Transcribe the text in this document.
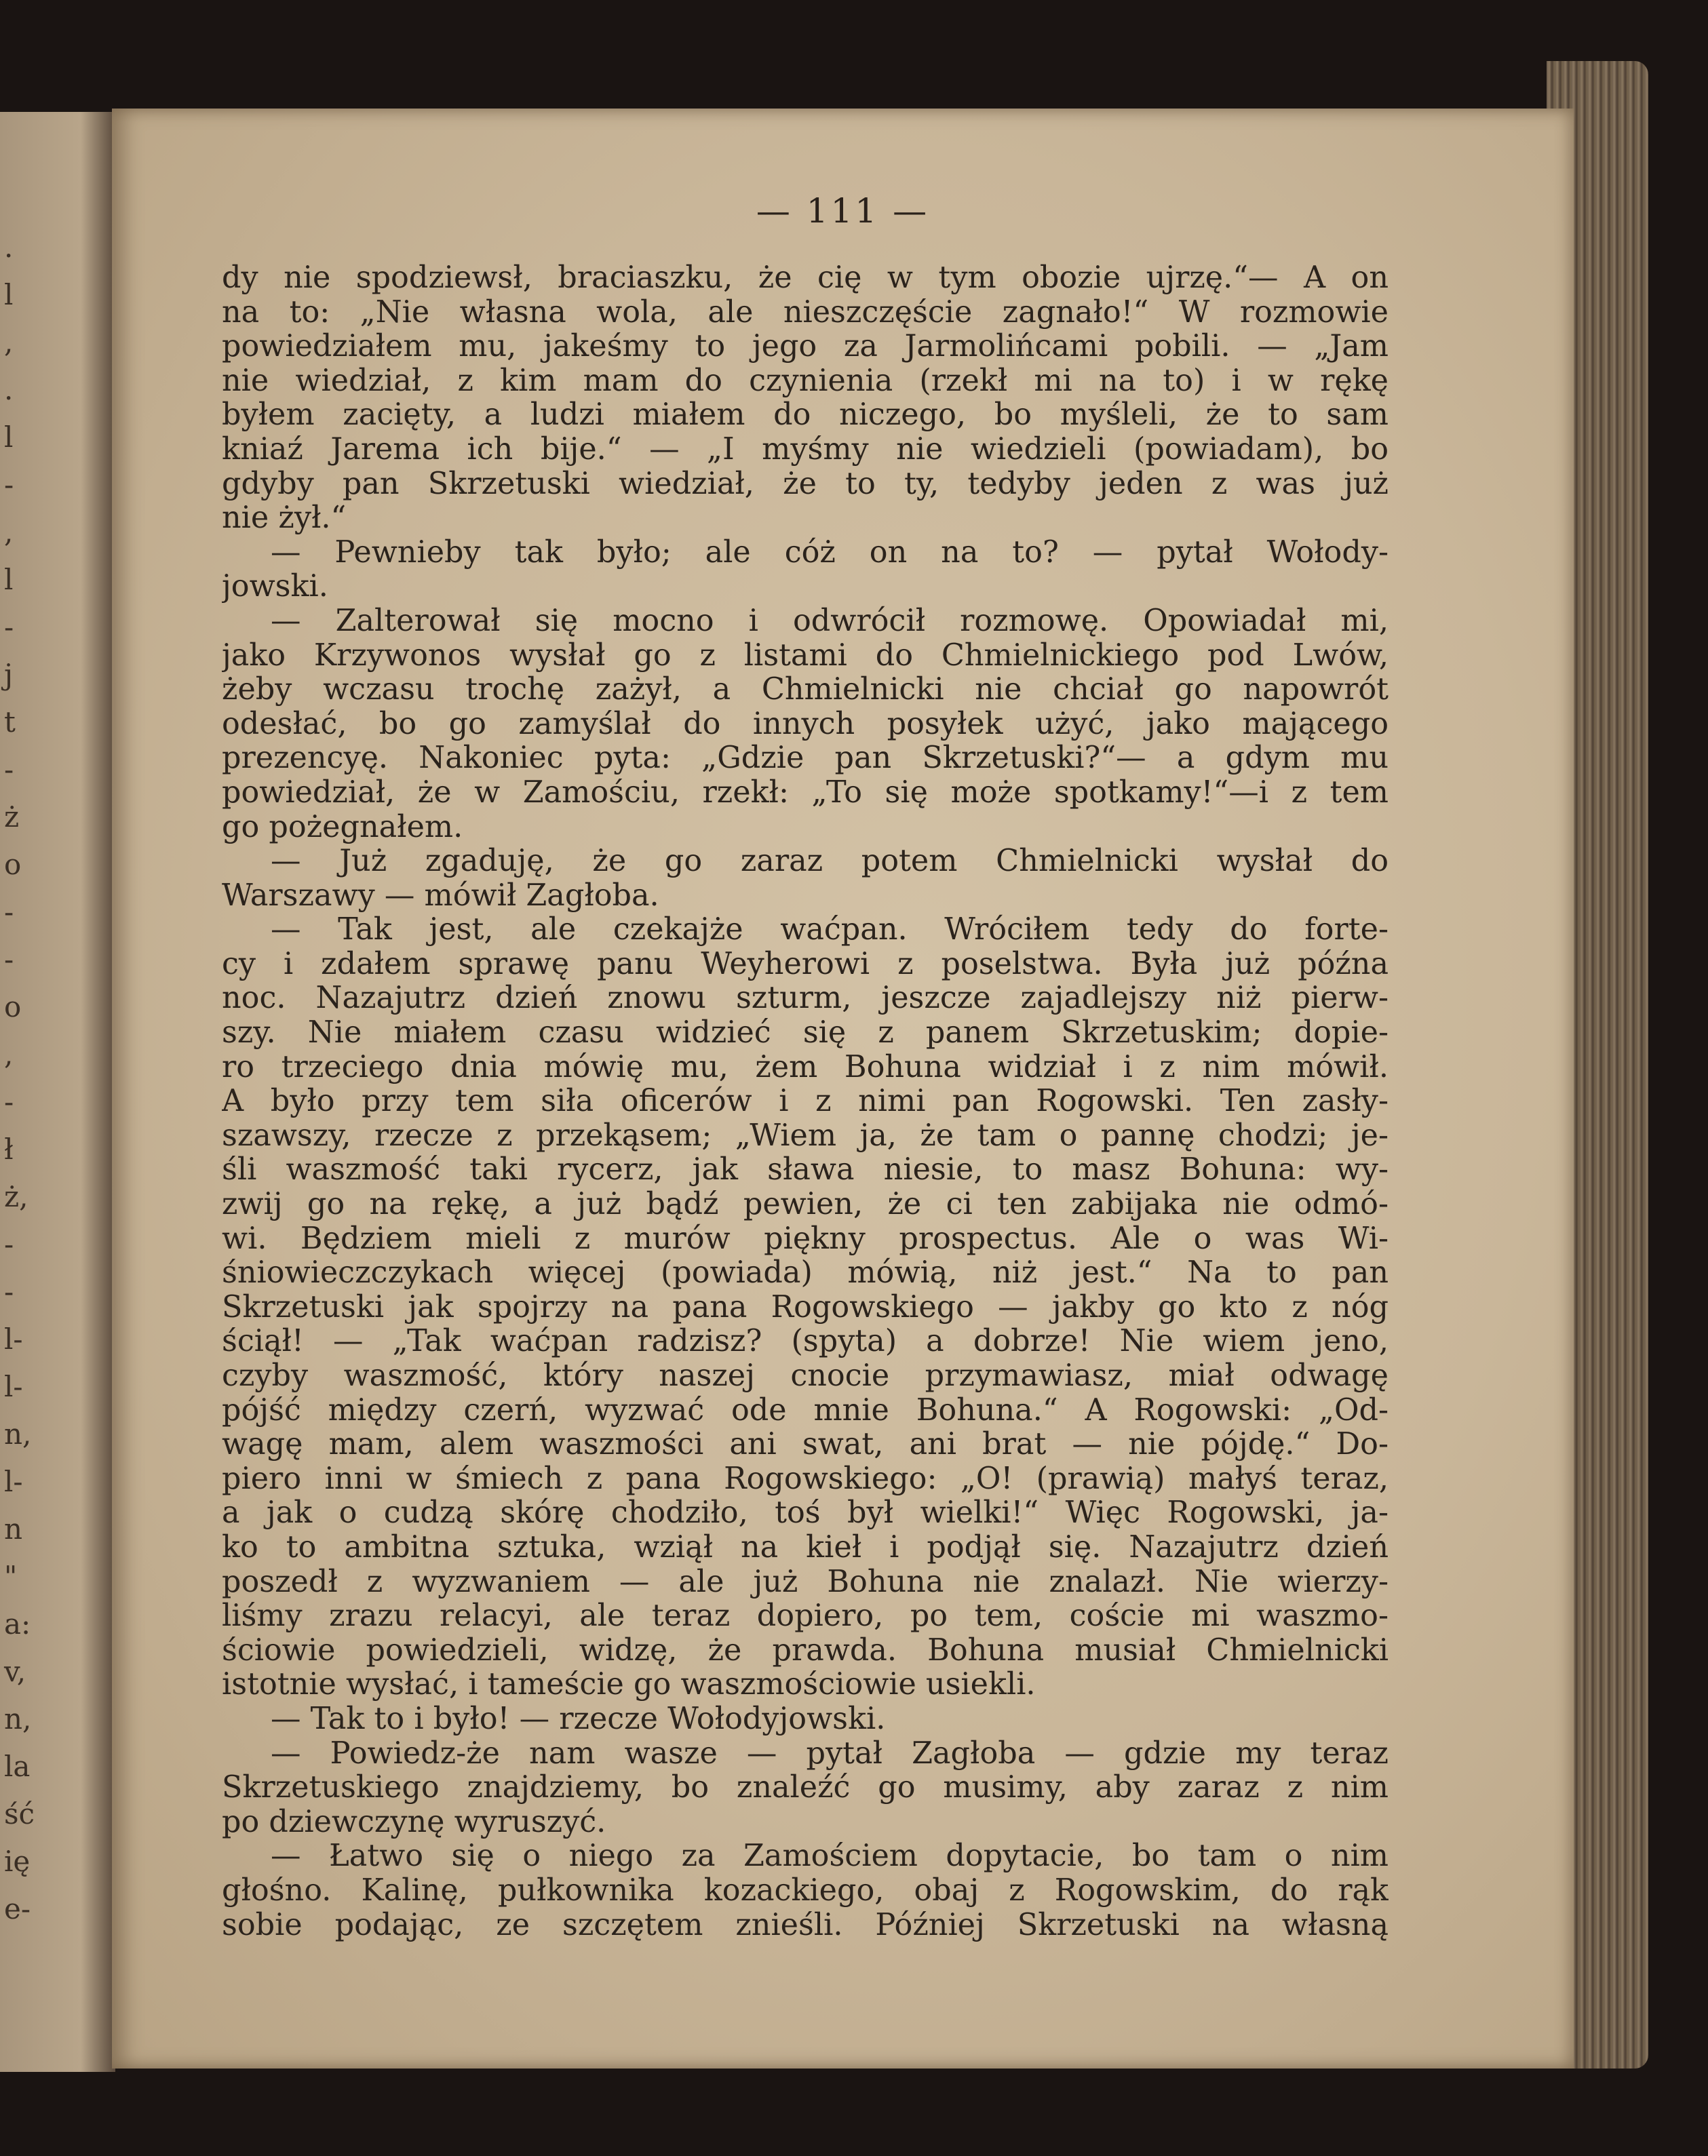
.
l
,
.
l
-
,
l
-
j
t
-
ż
o
-
-
o
,
-
ł
ż,
-
-
l-
l-
n,
l-
n
"
a:
v,
n,
la
ść
ię
e-
— 111 —
dy nie spodziewsł, braciaszku, że cię w tym obozie ujrzę.“— A on
na to: „Nie własna wola, ale nieszczęście zagnało!“ W rozmowie
powiedziałem mu, jakeśmy to jego za Jarmolińcami pobili. — „Jam
nie wiedział, z kim mam do czynienia (rzekł mi na to) i w rękę
byłem zacięty, a ludzi miałem do niczego, bo myśleli, że to sam
kniaź Jarema ich bije.“ — „I myśmy nie wiedzieli (powiadam), bo
gdyby pan Skrzetuski wiedział, że to ty, tedyby jeden z was już
nie żył.“
— Pewnieby tak było; ale cóż on na to? — pytał Wołody-
jowski.
— Zalterował się mocno i odwrócił rozmowę. Opowiadał mi,
jako Krzywonos wysłał go z listami do Chmielnickiego pod Lwów,
żeby wczasu trochę zażył, a Chmielnicki nie chciał go napowrót
odesłać, bo go zamyślał do innych posyłek użyć, jako mającego
prezencyę. Nakoniec pyta: „Gdzie pan Skrzetuski?“— a gdym mu
powiedział, że w Zamościu, rzekł: „To się może spotkamy!“—i z tem
go pożegnałem.
— Już zgaduję, że go zaraz potem Chmielnicki wysłał do
Warszawy — mówił Zagłoba.
— Tak jest, ale czekajże waćpan. Wróciłem tedy do forte-
cy i zdałem sprawę panu Weyherowi z poselstwa. Była już późna
noc. Nazajutrz dzień znowu szturm, jeszcze zajadlejszy niż pierw-
szy. Nie miałem czasu widzieć się z panem Skrzetuskim; dopie-
ro trzeciego dnia mówię mu, żem Bohuna widział i z nim mówił.
A było przy tem siła oficerów i z nimi pan Rogowski. Ten zasły-
szawszy, rzecze z przekąsem; „Wiem ja, że tam o pannę chodzi; je-
śli waszmość taki rycerz, jak sława niesie, to masz Bohuna: wy-
zwij go na rękę, a już bądź pewien, że ci ten zabijaka nie odmó-
wi. Będziem mieli z murów piękny prospectus. Ale o was Wi-
śniowieczczykach więcej (powiada) mówią, niż jest.“ Na to pan
Skrzetuski jak spojrzy na pana Rogowskiego — jakby go kto z nóg
ściął! — „Tak waćpan radzisz? (spyta) a dobrze! Nie wiem jeno,
czyby waszmość, który naszej cnocie przymawiasz, miał odwagę
pójść między czerń, wyzwać ode mnie Bohuna.“ A Rogowski: „Od-
wagę mam, alem waszmości ani swat, ani brat — nie pójdę.“ Do-
piero inni w śmiech z pana Rogowskiego: „O! (prawią) małyś teraz,
a jak o cudzą skórę chodziło, toś był wielki!“ Więc Rogowski, ja-
ko to ambitna sztuka, wziął na kieł i podjął się. Nazajutrz dzień
poszedł z wyzwaniem — ale już Bohuna nie znalazł. Nie wierzy-
liśmy zrazu relacyi, ale teraz dopiero, po tem, coście mi waszmo-
ściowie powiedzieli, widzę, że prawda. Bohuna musiał Chmielnicki
istotnie wysłać, i tameście go waszmościowie usiekli.
— Tak to i było! — rzecze Wołodyjowski.
— Powiedz-że nam wasze — pytał Zagłoba — gdzie my teraz
Skrzetuskiego znajdziemy, bo znaleźć go musimy, aby zaraz z nim
po dziewczynę wyruszyć.
— Łatwo się o niego za Zamościem dopytacie, bo tam o nim
głośno. Kalinę, pułkownika kozackiego, obaj z Rogowskim, do rąk
sobie podając, ze szczętem znieśli. Później Skrzetuski na własną
